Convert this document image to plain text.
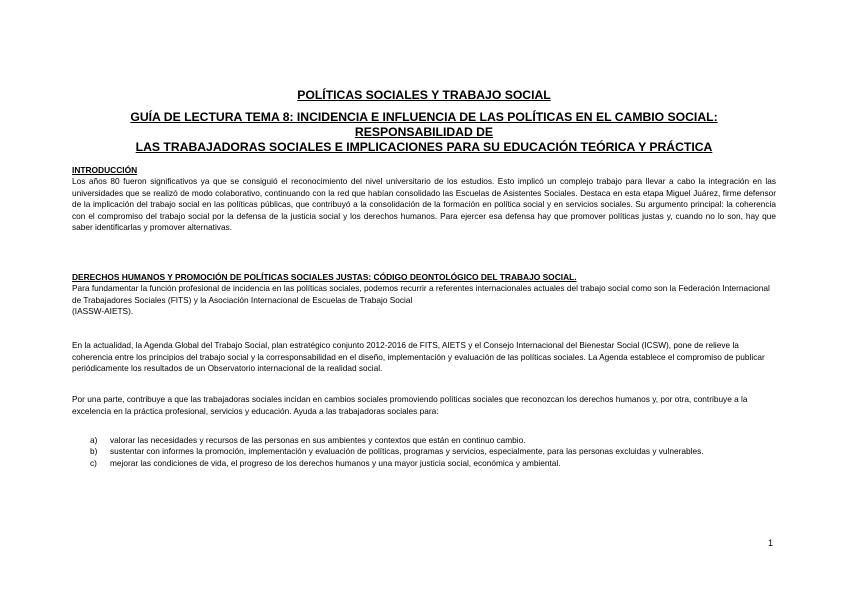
POLÍTICAS SOCIALES Y TRABAJO SOCIAL
GUÍA DE LECTURA TEMA 8: INCIDENCIA E INFLUENCIA DE LAS POLÍTICAS EN EL CAMBIO SOCIAL: RESPONSABILIDAD DE
LAS TRABAJADORAS SOCIALES E IMPLICACIONES PARA SU EDUCACIÓN TEÓRICA Y PRÁCTICA
INTRODUCCIÓN
Los años 80 fueron significativos ya que se consiguió el reconocimiento del nivel universitario de los estudios. Esto implicó un complejo trabajo para llevar a cabo la integración en las universidades que se realizó de modo colaborativo, continuando con la red que habían consolidado las Escuelas de Asistentes Sociales. Destaca en esta etapa Miguel Juárez, firme defensor de la implicación del trabajo social en las políticas públicas, que contribuyó a la consolidación de la formación en política social y en servicios sociales. Su argumento principal: la coherencia con el compromiso del trabajo social por la defensa de la justicia social y los derechos humanos. Para ejercer esa defensa hay que promover políticas justas y, cuando no lo son, hay que saber identificarlas y promover alternativas.
DERECHOS HUMANOS Y PROMOCIÓN DE POLÍTICAS SOCIALES JUSTAS: CÓDIGO DEONTOLÓGICO DEL TRABAJO SOCIAL.
Para fundamentar la función profesional de incidencia en las políticas sociales, podemos recurrir a referentes internacionales actuales del trabajo social como son la Federación Internacional de Trabajadores Sociales (FITS) y la Asociación Internacional de Escuelas de Trabajo Social
(IASSW-AIETS).
En la actualidad, la Agenda Global del Trabajo Social, plan estratégico conjunto 2012-2016 de FITS, AIETS y el Consejo Internacional del Bienestar Social (ICSW), pone de relieve la coherencia entre los principios del trabajo social y la corresponsabilidad en el diseño, implementación y evaluación de las políticas sociales. La Agenda establece el compromiso de publicar periódicamente los resultados de un Observatorio internacional de la realidad social.
Por una parte, contribuye a que las trabajadoras sociales incidan en cambios sociales promoviendo políticas sociales que reconozcan los derechos humanos y, por otra, contribuye a la excelencia en la práctica profesional, servicios y educación. Ayuda a las trabajadoras sociales para:
a)	valorar las necesidades y recursos de las personas en sus ambientes y contextos que están en continuo cambio.
b)	sustentar con informes la promoción, implementación y evaluación de políticas, programas y servicios, especialmente, para las personas excluidas y vulnerables.
c)	mejorar las condiciones de vida, el progreso de los derechos humanos y una mayor justicia social, económica y ambiental.
1
